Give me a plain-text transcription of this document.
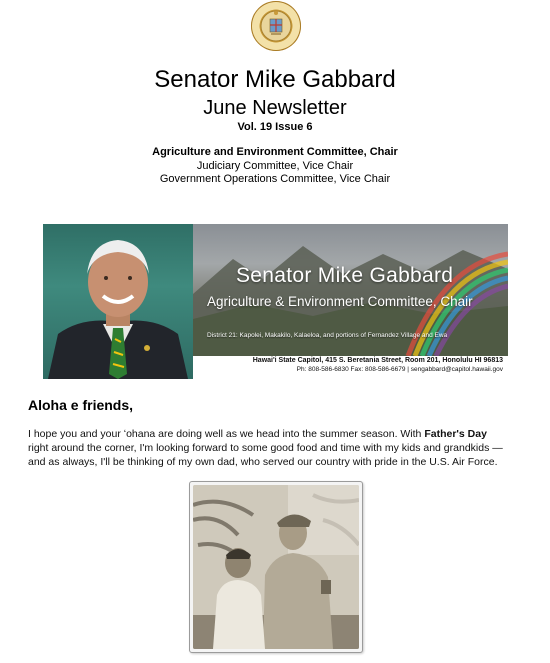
Senator Mike Gabbard
June Newsletter
Vol. 19 Issue 6
Agriculture and Environment Committee, Chair
Judiciary Committee, Vice Chair
Government Operations Committee, Vice Chair
Senator Mike Gabbard
Agriculture & Environment Committee, Chair
District 21: Kapolei, Makakilo, Kalaeloa, and portions of Fernandez Village and Ewa
Hawai'i State Capitol, 415 S. Beretania Street, Room 201, Honolulu HI 96813
Ph: 808-586-6830 Fax: 808-586-6679 | sengabbard@capitol.hawaii.gov
Aloha e friends,
I hope you and your ʻohana are doing well as we head into the summer season. With Father's Day right around the corner, I'm looking forward to some good food and time with my kids and grandkids — and as always, I'll be thinking of my own dad, who served our country with pride in the U.S. Air Force.
